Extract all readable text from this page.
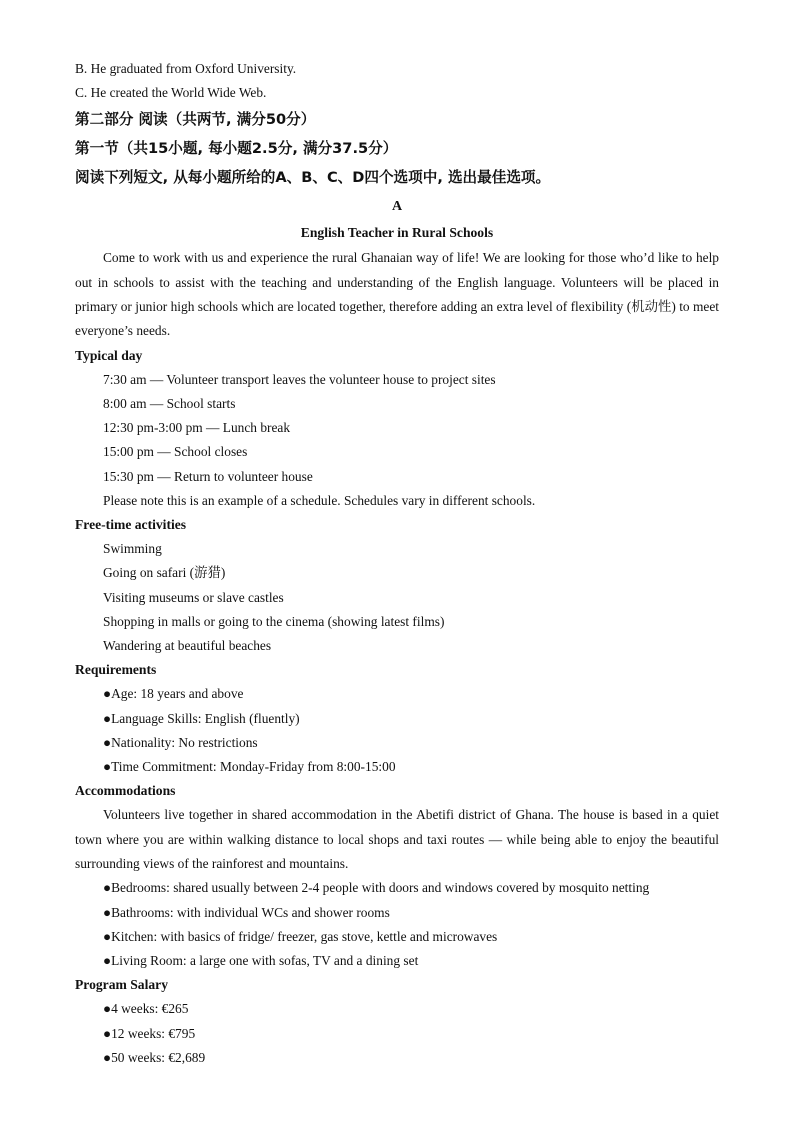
B. He graduated from Oxford University.
C. He created the World Wide Web.
第二部分 阅读（共两节, 满分50分）
第一节（共15小题, 每小题2.5分, 满分37.5分）
阅读下列短文, 从每小题所给的A、B、C、D四个选项中, 选出最佳选项。
A
English Teacher in Rural Schools
Come to work with us and experience the rural Ghanaian way of life! We are looking for those who’d like to help out in schools to assist with the teaching and understanding of the English language. Volunteers will be placed in primary or junior high schools which are located together, therefore adding an extra level of flexibility (机动性) to meet everyone’s needs.
Typical day
7:30 am — Volunteer transport leaves the volunteer house to project sites
8:00 am — School starts
12:30 pm-3:00 pm — Lunch break
15:00 pm — School closes
15:30 pm — Return to volunteer house
Please note this is an example of a schedule. Schedules vary in different schools.
Free-time activities
Swimming
Going on safari (游猎)
Visiting museums or slave castles
Shopping in malls or going to the cinema (showing latest films)
Wandering at beautiful beaches
Requirements
●Age: 18 years and above
●Language Skills: English (fluently)
●Nationality: No restrictions
●Time Commitment: Monday-Friday from 8:00-15:00
Accommodations
Volunteers live together in shared accommodation in the Abetifi district of Ghana. The house is based in a quiet town where you are within walking distance to local shops and taxi routes — while being able to enjoy the beautiful surrounding views of the rainforest and mountains.
●Bedrooms: shared usually between 2-4 people with doors and windows covered by mosquito netting
●Bathrooms: with individual WCs and shower rooms
●Kitchen: with basics of fridge/ freezer, gas stove, kettle and microwaves
●Living Room: a large one with sofas, TV and a dining set
Program Salary
●4 weeks: €265
●12 weeks: €795
●50 weeks: €2,689
